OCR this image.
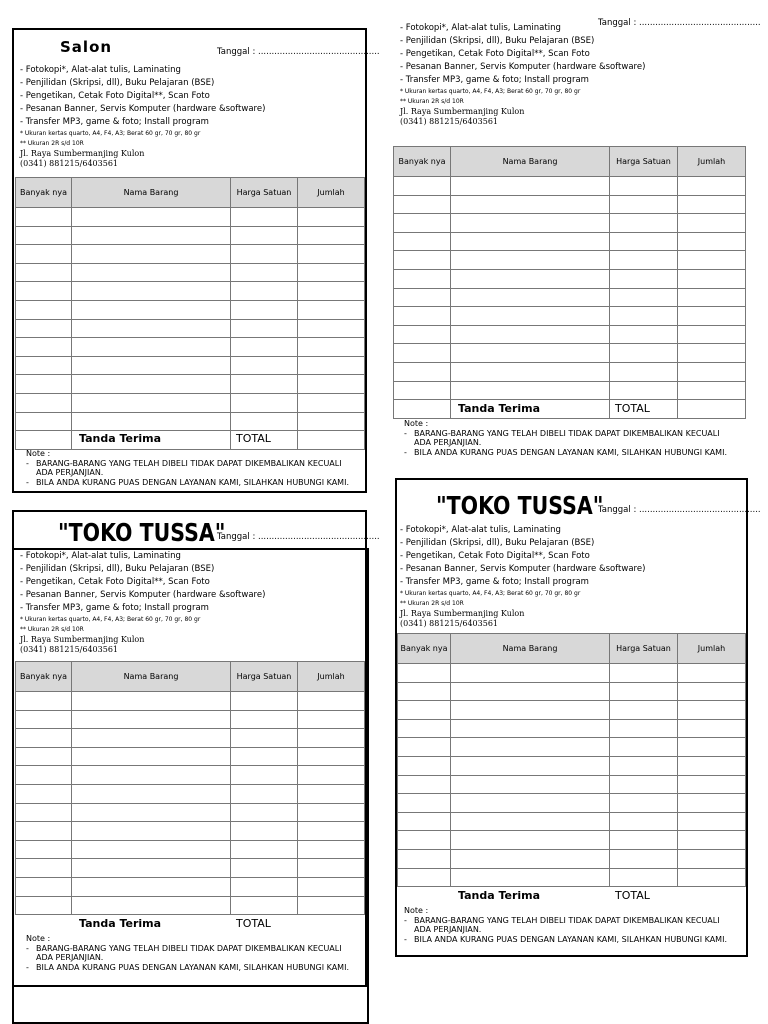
Salon	Tanggal : .............................................
- Fotokopi*, Alat-alat tulis, Laminating
- Penjilidan (Skripsi, dll), Buku Pelajaran (BSE)
- Pengetikan, Cetak Foto Digital**, Scan Foto
- Pesanan Banner, Servis Komputer (hardware &software)
- Transfer MP3, game & foto; Install program
* Ukuran kertas quarto, A4, F4, A3; Berat 60 gr, 70 gr, 80 gr
** Ukuran 2R s/d 10R
Jl. Raya Sumbermanjing Kulon
(0341) 881215/6403561
Banyak nya	Nama Barang	Harga Satuan	Jumlah

Tanda Terima	TOTAL
Note :
- BARANG-BARANG YANG TELAH DIBELI TIDAK DAPAT DIKEMBALIKAN KECUALI
ADA PERJANJIAN.
- BILA ANDA KURANG PUAS DENGAN LAYANAN KAMI, SILAHKAN HUBUNGI KAMI.
Tanggal : .............................................
- Fotokopi*, Alat-alat tulis, Laminating
- Penjilidan (Skripsi, dll), Buku Pelajaran (BSE)
- Pengetikan, Cetak Foto Digital**, Scan Foto
- Pesanan Banner, Servis Komputer (hardware &software)
- Transfer MP3, game & foto; Install program
* Ukuran kertas quarto, A4, F4, A3; Berat 60 gr, 70 gr, 80 gr
** Ukuran 2R s/d 10R
Jl. Raya Sumbermanjing Kulon
(0341) 881215/6403561
Banyak nya	Nama Barang	Harga Satuan	Jumlah

Tanda Terima	TOTAL
Note :
- BARANG-BARANG YANG TELAH DIBELI TIDAK DAPAT DIKEMBALIKAN KECUALI
ADA PERJANJIAN.
- BILA ANDA KURANG PUAS DENGAN LAYANAN KAMI, SILAHKAN HUBUNGI KAMI.
"TOKO TUSSA"
Tanggal : .............................................
- Fotokopi*, Alat-alat tulis, Laminating
- Penjilidan (Skripsi, dll), Buku Pelajaran (BSE)
- Pengetikan, Cetak Foto Digital**, Scan Foto
- Pesanan Banner, Servis Komputer (hardware &software)
- Transfer MP3, game & foto; Install program
* Ukuran kertas quarto, A4, F4, A3; Berat 60 gr, 70 gr, 80 gr
** Ukuran 2R s/d 10R
Jl. Raya Sumbermanjing Kulon
(0341) 881215/6403561
Banyak nya	Nama Barang	Harga Satuan	Jumlah

Tanda Terima	TOTAL
Note :
- BARANG-BARANG YANG TELAH DIBELI TIDAK DAPAT DIKEMBALIKAN KECUALI
ADA PERJANJIAN.
- BILA ANDA KURANG PUAS DENGAN LAYANAN KAMI, SILAHKAN HUBUNGI KAMI.
"TOKO TUSSA"
Tanggal : .............................................
- Fotokopi*, Alat-alat tulis, Laminating
- Penjilidan (Skripsi, dll), Buku Pelajaran (BSE)
- Pengetikan, Cetak Foto Digital**, Scan Foto
- Pesanan Banner, Servis Komputer (hardware &software)
- Transfer MP3, game & foto; Install program
* Ukuran kertas quarto, A4, F4, A3; Berat 60 gr, 70 gr, 80 gr
** Ukuran 2R s/d 10R
Jl. Raya Sumbermanjing Kulon
(0341) 881215/6403561
Banyak nya	Nama Barang	Harga Satuan	Jumlah

Tanda Terima	TOTAL
Note :
- BARANG-BARANG YANG TELAH DIBELI TIDAK DAPAT DIKEMBALIKAN KECUALI
ADA PERJANJIAN.
- BILA ANDA KURANG PUAS DENGAN LAYANAN KAMI, SILAHKAN HUBUNGI KAMI.
